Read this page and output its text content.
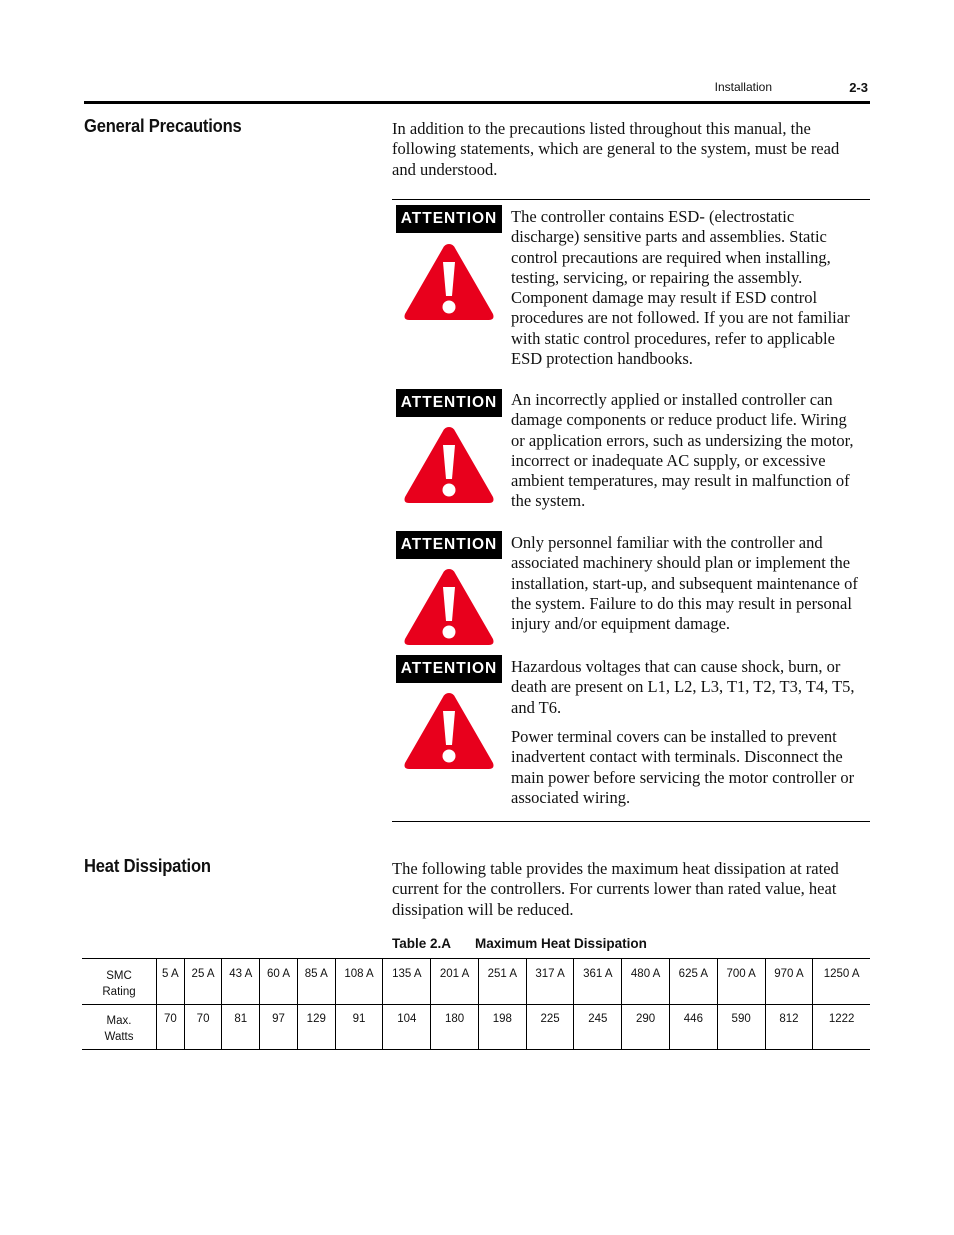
Installation	2-3
General Precautions	In addition to the precautions listed throughout this manual, the following statements, which are general to the system, must be read and understood.

ATTENTION The controller contains ESD- (electrostatic discharge) sensitive parts and assemblies. Static control precautions are required when installing, testing, servicing, or repairing the assembly. Component damage may result if ESD control procedures are not followed. If you are not familiar with static control procedures, refer to applicable ESD protection handbooks.

ATTENTION An incorrectly applied or installed controller can damage components or reduce product life. Wiring or application errors, such as undersizing the motor, incorrect or inadequate AC supply, or excessive ambient temperatures, may result in malfunction of the system.

ATTENTION Only personnel familiar with the controller and associated machinery should plan or implement the installation, start-up, and subsequent maintenance of the system. Failure to do this may result in personal injury and/or equipment damage.

ATTENTION Hazardous voltages that can cause shock, burn, or death are present on L1, L2, L3, T1, T2, T3, T4, T5, and T6.

Power terminal covers can be installed to prevent inadvertent contact with terminals. Disconnect the main power before servicing the motor controller or associated wiring.

Heat Dissipation	The following table provides the maximum heat dissipation at rated current for the controllers. For currents lower than rated value, heat dissipation will be reduced.

Table 2.A Maximum Heat Dissipation
SMC
Rating	5 A	25 A	43 A	60 A	85 A	108 A	135 A	201 A	251 A	317 A	361 A	480 A	625 A	700 A	970 A	1250 A
Max.
Watts	70	70	81	97	129	91	104	180	198	225	245	290	446	590	812	1222
